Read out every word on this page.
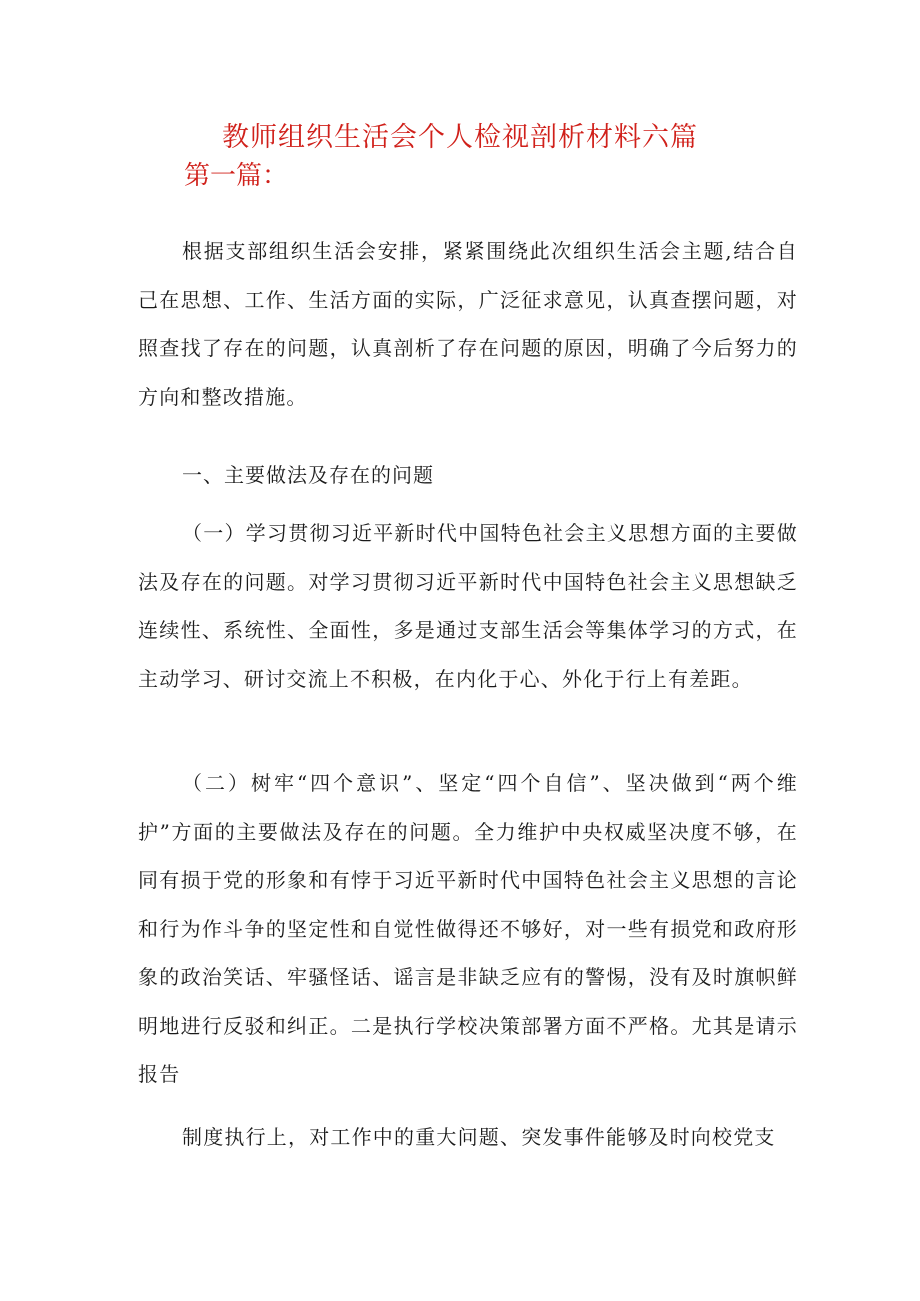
教师组织生活会个人检视剖析材料六篇
第一篇：

根据支部组织生活会安排，紧紧围绕此次组织生活会主题,结合自己在思想、工作、生活方面的实际，广泛征求意见，认真查摆问题，对照查找了存在的问题，认真剖析了存在问题的原因，明确了今后努力的方向和整改措施。

一、主要做法及存在的问题

（一）学习贯彻习近平新时代中国特色社会主义思想方面的主要做法及存在的问题。对学习贯彻习近平新时代中国特色社会主义思想缺乏连续性、系统性、全面性，多是通过支部生活会等集体学习的方式，在主动学习、研讨交流上不积极，在内化于心、外化于行上有差距。

（二）树牢“四个意识”、坚定“四个自信”、坚决做到“两个维护”方面的主要做法及存在的问题。全力维护中央权威坚决度不够，在同有损于党的形象和有悖于习近平新时代中国特色社会主义思想的言论和行为作斗争的坚定性和自觉性做得还不够好，对一些有损党和政府形象的政治笑话、牢骚怪话、谣言是非缺乏应有的警惕，没有及时旗帜鲜明地进行反驳和纠正。二是执行学校决策部署方面不严格。尤其是请示报告

制度执行上，对工作中的重大问题、突发事件能够及时向校党支
